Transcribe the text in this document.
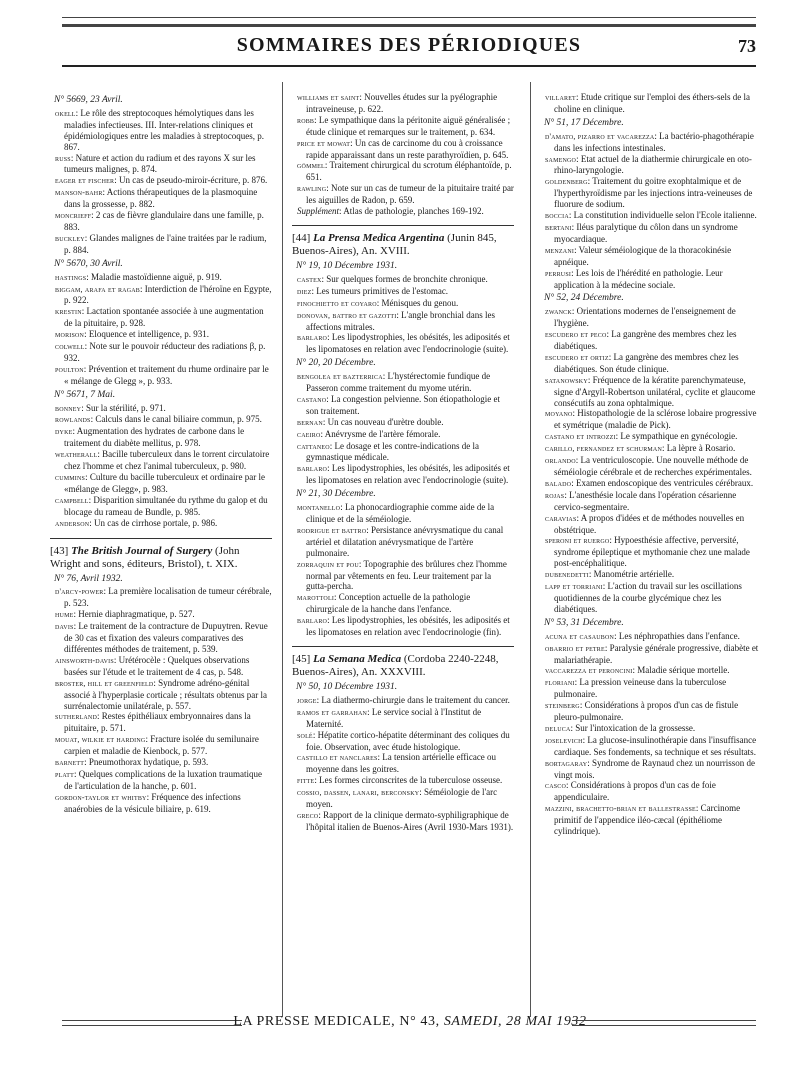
SOMMAIRES DES PÉRIODIQUES	73
N° 5669, 23 Avril.
okell: Le rôle des streptocoques hémolytiques dans les maladies infectieuses. III. Inter-relations cliniques et épidémiologiques entre les maladies à streptocoques, p. 867.
russ: Nature et action du radium et des rayons X sur les tumeurs malignes, p. 874.
eager et fischer: Un cas de pseudo-miroir-écriture, p. 876.
manson-bahr: Actions thérapeutiques de la plasmoquine dans la grossesse, p. 882.
moncrieff: 2 cas de fièvre glandulaire dans une famille, p. 883.
buckley: Glandes malignes de l'aine traitées par le radium, p. 884.
N° 5670, 30 Avril.
hastings: Maladie mastoïdienne aiguë, p. 919.
biggam, arafa et ragab: Interdiction de l'héroïne en Egypte, p. 922.
krestin: Lactation spontanée associée à une augmentation de la pituitaire, p. 928.
morison: Eloquence et intelligence, p. 931.
colwell: Note sur le pouvoir réducteur des radiations β, p. 932.
poulton: Prévention et traitement du rhume ordinaire par le « mélange de Glegg », p. 933.
N° 5671, 7 Mai.
bonney: Sur la stérilité, p. 971.
rowlands: Calculs dans le canal biliaire commun, p. 975.
dyke: Augmentation des hydrates de carbone dans le traitement du diabète mellitus, p. 978.
weatherall: Bacille tuberculeux dans le torrent circulatoire chez l'homme et chez l'animal tuberculeux, p. 980.
cummins: Culture du bacille tuberculeux et ordinaire par le «mélange de Glegg», p. 983.
campbell: Disparition simultanée du rythme du galop et du blocage du rameau de Bundle, p. 985.
anderson: Un cas de cirrhose portale, p. 986.
[43] The British Journal of Surgery (John Wright and sons, éditeurs, Bristol), t. XIX.
N° 76, Avril 1932.
d'arcy-power: La première localisation de tumeur cérébrale, p. 523.
hume: Hernie diaphragmatique, p. 527.
davis: Le traitement de la contracture de Dupuytren. Revue de 30 cas et fixation des valeurs comparatives des différentes méthodes de traitement, p. 539.
ainsworth-davis: Urétérocèle : Quelques observations basées sur l'étude et le traitement de 4 cas, p. 548.
broster, hill et greenfield: Syndrome adréno-génital associé à l'hyperplasie corticale ; résultats obtenus par la surrénalectomie unilatérale, p. 557.
sutherland: Restes épithéliaux embryonnaires dans la pituitaire, p. 571.
mouat, wilkie et harding: Fracture isolée du semilunaire carpien et maladie de Kienbock, p. 577.
barnett: Pneumothorax hydatique, p. 593.
platt: Quelques complications de la luxation traumatique de l'articulation de la hanche, p. 601.
gordon-taylor et whitby: Fréquence des infections anaérobies de la vésicule biliaire, p. 619.
williams et saint: Nouvelles études sur la pyélographie intraveineuse, p. 622.
robb: Le sympathique dans la péritonite aiguë généralisée ; étude clinique et remarques sur le traitement, p. 634.
price et mowat: Un cas de carcinome du cou à croissance rapide apparaissant dans un reste parathyroïdien, p. 645.
gömmel: Traitement chirurgical du scrotum éléphantoïde, p. 651.
rawling: Note sur un cas de tumeur de la pituitaire traité par les aiguilles de Radon, p. 659.
Supplément: Atlas de pathologie, planches 169-192.
[44] La Prensa Medica Argentina (Junin 845, Buenos-Aires), An. XVIII.
N° 19, 10 Décembre 1931.
castex: Sur quelques formes de bronchite chronique.
diez: Les tumeurs primitives de l'estomac.
finochietto et coyaro: Ménisques du genou.
donovan, battro et gazotti: L'angle bronchial dans les affections mitrales.
barlaro: Les lipodystrophies, les obésités, les adiposités et les lipomatoses en relation avec l'endocrinologie (suite).
N° 20, 20 Décembre.
bengolea et bazterrica: L'hystérectomie fundique de Passeron comme traitement du myome utérin.
castano: La congestion pelvienne. Son étiopathologie et son traitement.
bernan: Un cas nouveau d'urètre double.
caeiro: Anévrysme de l'artère fémorale.
cattaneo: Le dosage et les contre-indications de la gymnastique médicale.
barlaro: Les lipodystrophies, les obésités, les adiposités et les lipomatoses en relation avec l'endocrinologie (suite).
N° 21, 30 Décembre.
montanello: La phonocardiographie comme aide de la clinique et de la séméiologie.
rodrigue et battro: Persistance anévrysmatique du canal artériel et dilatation anévrysmatique de l'artère pulmonaire.
zorraquin et pou: Topographie des brûlures chez l'homme normal par vêtements en feu. Leur traitement par la gutta-percha.
marottoli: Conception actuelle de la pathologie chirurgicale de la hanche dans l'enfance.
barlaro: Les lipodystrophies, les obésités, les adiposités et les lipomatoses en relation avec l'endocrinologie (fin).
[45] La Semana Medica (Cordoba 2240-2248, Buenos-Aires), An. XXXVIII.
N° 50, 10 Décembre 1931.
jorge: La diathermo-chirurgie dans le traitement du cancer.
ramos et garrahan: Le service social à l'Institut de Maternité.
solé: Hépatite cortico-hépatite déterminant des coliques du foie. Observation, avec étude histologique.
castillo et nanclares: La tension artérielle efficace ou moyenne dans les goitres.
fitte: Les formes circonscrites de la tuberculose osseuse.
cossio, dassen, lanari, berconsky: Séméiologie de l'arc moyen.
greco: Rapport de la clinique dermato-syphiligraphique de l'hôpital italien de Buenos-Aires (Avril 1930-Mars 1931).
villaret: Etude critique sur l'emploi des éthers-sels de la choline en clinique.
N° 51, 17 Décembre.
d'amato, pizarro et vacarezza: La bactério-phagothérapie dans les infections intestinales.
samengo: Etat actuel de la diathermie chirurgicale en oto-rhino-laryngologie.
goldenberg: Traitement du goitre exophtalmique et de l'hyperthyroïdisme par les injections intra-veineuses de fluorure de sodium.
boccia: La constitution individuelle selon l'Ecole italienne.
bertani: Iléus paralytique du côlon dans un syndrome myocardiaque.
menzani: Valeur séméiologique de la thoracokinésie apnéique.
perrusi: Les lois de l'hérédité en pathologie. Leur application à la médecine sociale.
N° 52, 24 Décembre.
zwanck: Orientations modernes de l'enseignement de l'hygiène.
escudero et peco: La gangrène des membres chez les diabétiques.
escudero et ortiz: La gangrène des membres chez les diabétiques. Son étude clinique.
satanowsky: Fréquence de la kératite parenchymateuse, signe d'Argyll-Robertson unilatéral, cyclite et glaucome consécutifs au zona ophtalmique.
moyano: Histopathologie de la sclérose lobaire progressive et symétrique (maladie de Pick).
castano et introzzi: Le sympathique en gynécologie.
carillo, fernandez et schurman: La lèpre à Rosario.
orlando: La ventriculoscopie. Une nouvelle méthode de séméiologie cérébrale et de recherches expérimentales.
balado: Examen endoscopique des ventricules cérébraux.
rojas: L'anesthésie locale dans l'opération césarienne cervico-segmentaire.
caravias: A propos d'idées et de méthodes nouvelles en obstétrique.
speroni et ruergo: Hypoesthésie affective, perversité, syndrome épileptique et mythomanie chez une malade post-encéphalitique.
dubenedetti: Manométrie artérielle.
lapp et torriani: L'action du travail sur les oscillations quotidiennes de la courbe glycémique chez les diabétiques.
N° 53, 31 Décembre.
acuna et casaubon: Les néphropathies dans l'enfance.
obarrio et petre: Paralysie générale progressive, diabète et malariathérapie.
vaccarezza et peroncini: Maladie sérique mortelle.
floriani: La pression veineuse dans la tuberculose pulmonaire.
steinberg: Considérations à propos d'un cas de fistule pleuro-pulmonaire.
deluca: Sur l'intoxication de la grossesse.
joselevich: La glucose-insulinothérapie dans l'insuffisance cardiaque. Ses fondements, sa technique et ses résultats.
bortagaray: Syndrome de Raynaud chez un nourrisson de vingt mois.
casco: Considérations à propos d'un cas de foie appendiculaire.
mazzini, brachetto-brian et ballestrasse: Carcinome primitif de l'appendice iléo-cæcal (épithéliome cylindrique).
LA PRESSE MEDICALE, N° 43, SAMEDI, 28 MAI 1932
